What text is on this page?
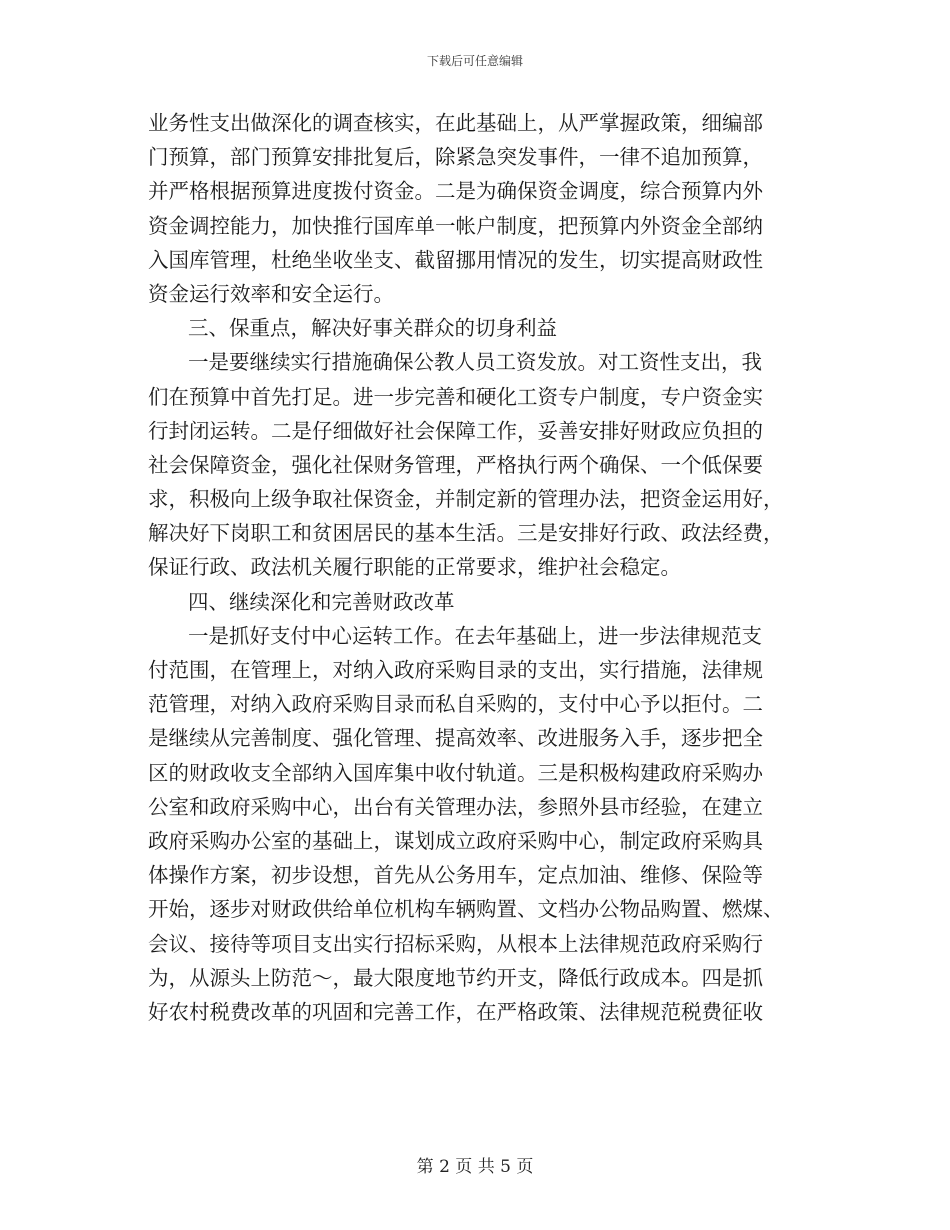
下载后可任意编辑
业务性支出做深化的调查核实，在此基础上，从严掌握政策，细编部
门预算，部门预算安排批复后，除紧急突发事件，一律不追加预算，
并严格根据预算进度拨付资金。二是为确保资金调度，综合预算内外
资金调控能力，加快推行国库单一帐户制度，把预算内外资金全部纳
入国库管理，杜绝坐收坐支、截留挪用情况的发生，切实提高财政性
资金运行效率和安全运行。
三、保重点，解决好事关群众的切身利益
一是要继续实行措施确保公教人员工资发放。对工资性支出，我
们在预算中首先打足。进一步完善和硬化工资专户制度，专户资金实
行封闭运转。二是仔细做好社会保障工作，妥善安排好财政应负担的
社会保障资金，强化社保财务管理，严格执行两个确保、一个低保要
求，积极向上级争取社保资金，并制定新的管理办法，把资金运用好，
解决好下岗职工和贫困居民的基本生活。三是安排好行政、政法经费，
保证行政、政法机关履行职能的正常要求，维护社会稳定。
四、继续深化和完善财政改革
一是抓好支付中心运转工作。在去年基础上，进一步法律规范支
付范围，在管理上，对纳入政府采购目录的支出，实行措施，法律规
范管理，对纳入政府采购目录而私自采购的，支付中心予以拒付。二
是继续从完善制度、强化管理、提高效率、改进服务入手，逐步把全
区的财政收支全部纳入国库集中收付轨道。三是积极构建政府采购办
公室和政府采购中心，出台有关管理办法，参照外县市经验，在建立
政府采购办公室的基础上，谋划成立政府采购中心，制定政府采购具
体操作方案，初步设想，首先从公务用车，定点加油、维修、保险等
开始，逐步对财政供给单位机构车辆购置、文档办公物品购置、燃煤、
会议、接待等项目支出实行招标采购，从根本上法律规范政府采购行
为，从源头上防范～，最大限度地节约开支，降低行政成本。四是抓
好农村税费改革的巩固和完善工作，在严格政策、法律规范税费征收
第 2 页 共 5 页
